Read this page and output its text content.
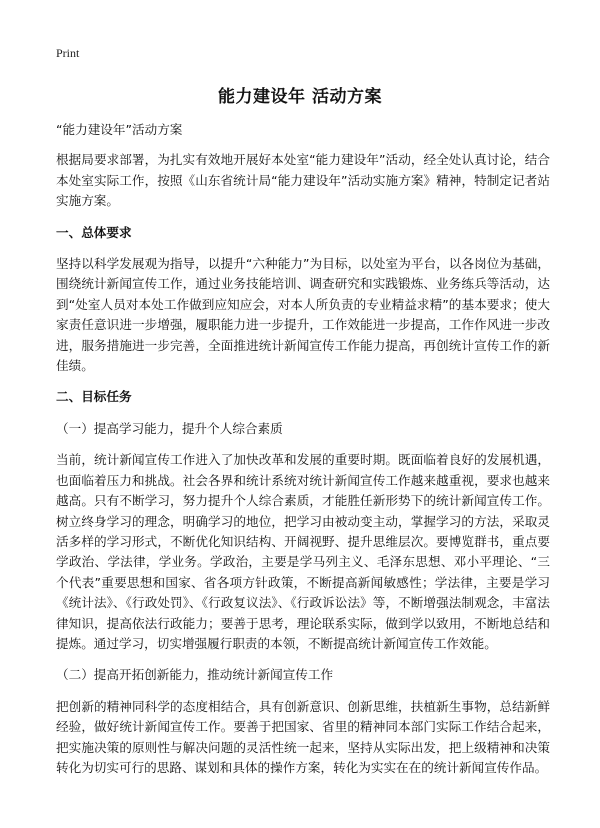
Print
能力建设年 活动方案

“能力建设年”活动方案

根据局要求部署，为扎实有效地开展好本处室“能力建设年”活动，经全处认真讨论，结合本处室实际工作，按照《山东省统计局“能力建设年”活动实施方案》精神，特制定记者站实施方案。

一、总体要求

坚持以科学发展观为指导，以提升“六种能力”为目标，以处室为平台，以各岗位为基础，围绕统计新闻宣传工作，通过业务技能培训、调查研究和实践锻炼、业务练兵等活动，达到“处室人员对本处工作做到应知应会，对本人所负责的专业精益求精”的基本要求；使大家责任意识进一步增强，履职能力进一步提升，工作效能进一步提高，工作作风进一步改进，服务措施进一步完善，全面推进统计新闻宣传工作能力提高，再创统计宣传工作的新佳绩。

二、目标任务

（一）提高学习能力，提升个人综合素质

当前，统计新闻宣传工作进入了加快改革和发展的重要时期。既面临着良好的发展机遇，也面临着压力和挑战。社会各界和统计系统对统计新闻宣传工作越来越重视，要求也越来越高。只有不断学习，努力提升个人综合素质，才能胜任新形势下的统计新闻宣传工作。树立终身学习的理念，明确学习的地位，把学习由被动变主动，掌握学习的方法，采取灵活多样的学习形式，不断优化知识结构、开阔视野、提升思维层次。要博览群书，重点要学政治、学法律，学业务。学政治，主要是学马列主义、毛泽东思想、邓小平理论、“三个代表”重要思想和国家、省各项方针政策，不断提高新闻敏感性；学法律，主要是学习《统计法》、《行政处罚》、《行政复议法》、《行政诉讼法》等，不断增强法制观念，丰富法律知识，提高依法行政能力；要善于思考，理论联系实际，做到学以致用，不断地总结和提炼。通过学习，切实增强履行职责的本领，不断提高统计新闻宣传工作效能。

（二）提高开拓创新能力，推动统计新闻宣传工作

把创新的精神同科学的态度相结合，具有创新意识、创新思维，扶植新生事物，总结新鲜经验，做好统计新闻宣传工作。要善于把国家、省里的精神同本部门实际工作结合起来，把实施决策的原则性与解决问题的灵活性统一起来，坚持从实际出发，把上级精神和决策转化为切实可行的思路、谋划和具体的操作方案，转化为实实在在的统计新闻宣传作品。
